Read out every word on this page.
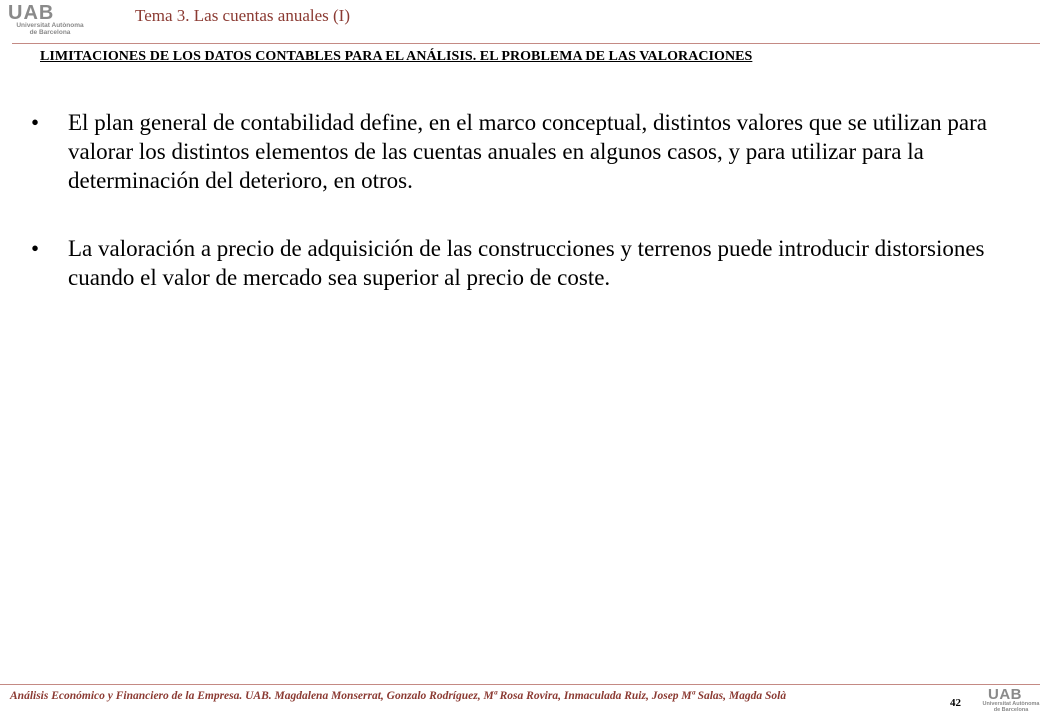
UAB
Universitat Autònoma
de Barcelona
Tema 3. Las cuentas anuales (I)
LIMITACIONES DE LOS DATOS CONTABLES PARA EL ANÁLISIS. EL PROBLEMA DE LAS VALORACIONES
• El plan general de contabilidad define, en el marco conceptual, distintos valores que se utilizan para valorar los distintos elementos de las cuentas anuales en algunos casos, y para utilizar para la determinación del deterioro, en otros.
• La valoración a precio de adquisición de las construcciones y terrenos puede introducir distorsiones cuando el valor de mercado sea superior al precio de coste.
Análisis Económico y Financiero de la Empresa. UAB. Magdalena Monserrat, Gonzalo Rodríguez, Mª Rosa Rovira, Inmaculada Ruiz, Josep Mª Salas, Magda Solà
42 UAB
Universitat Autònoma
de Barcelona
